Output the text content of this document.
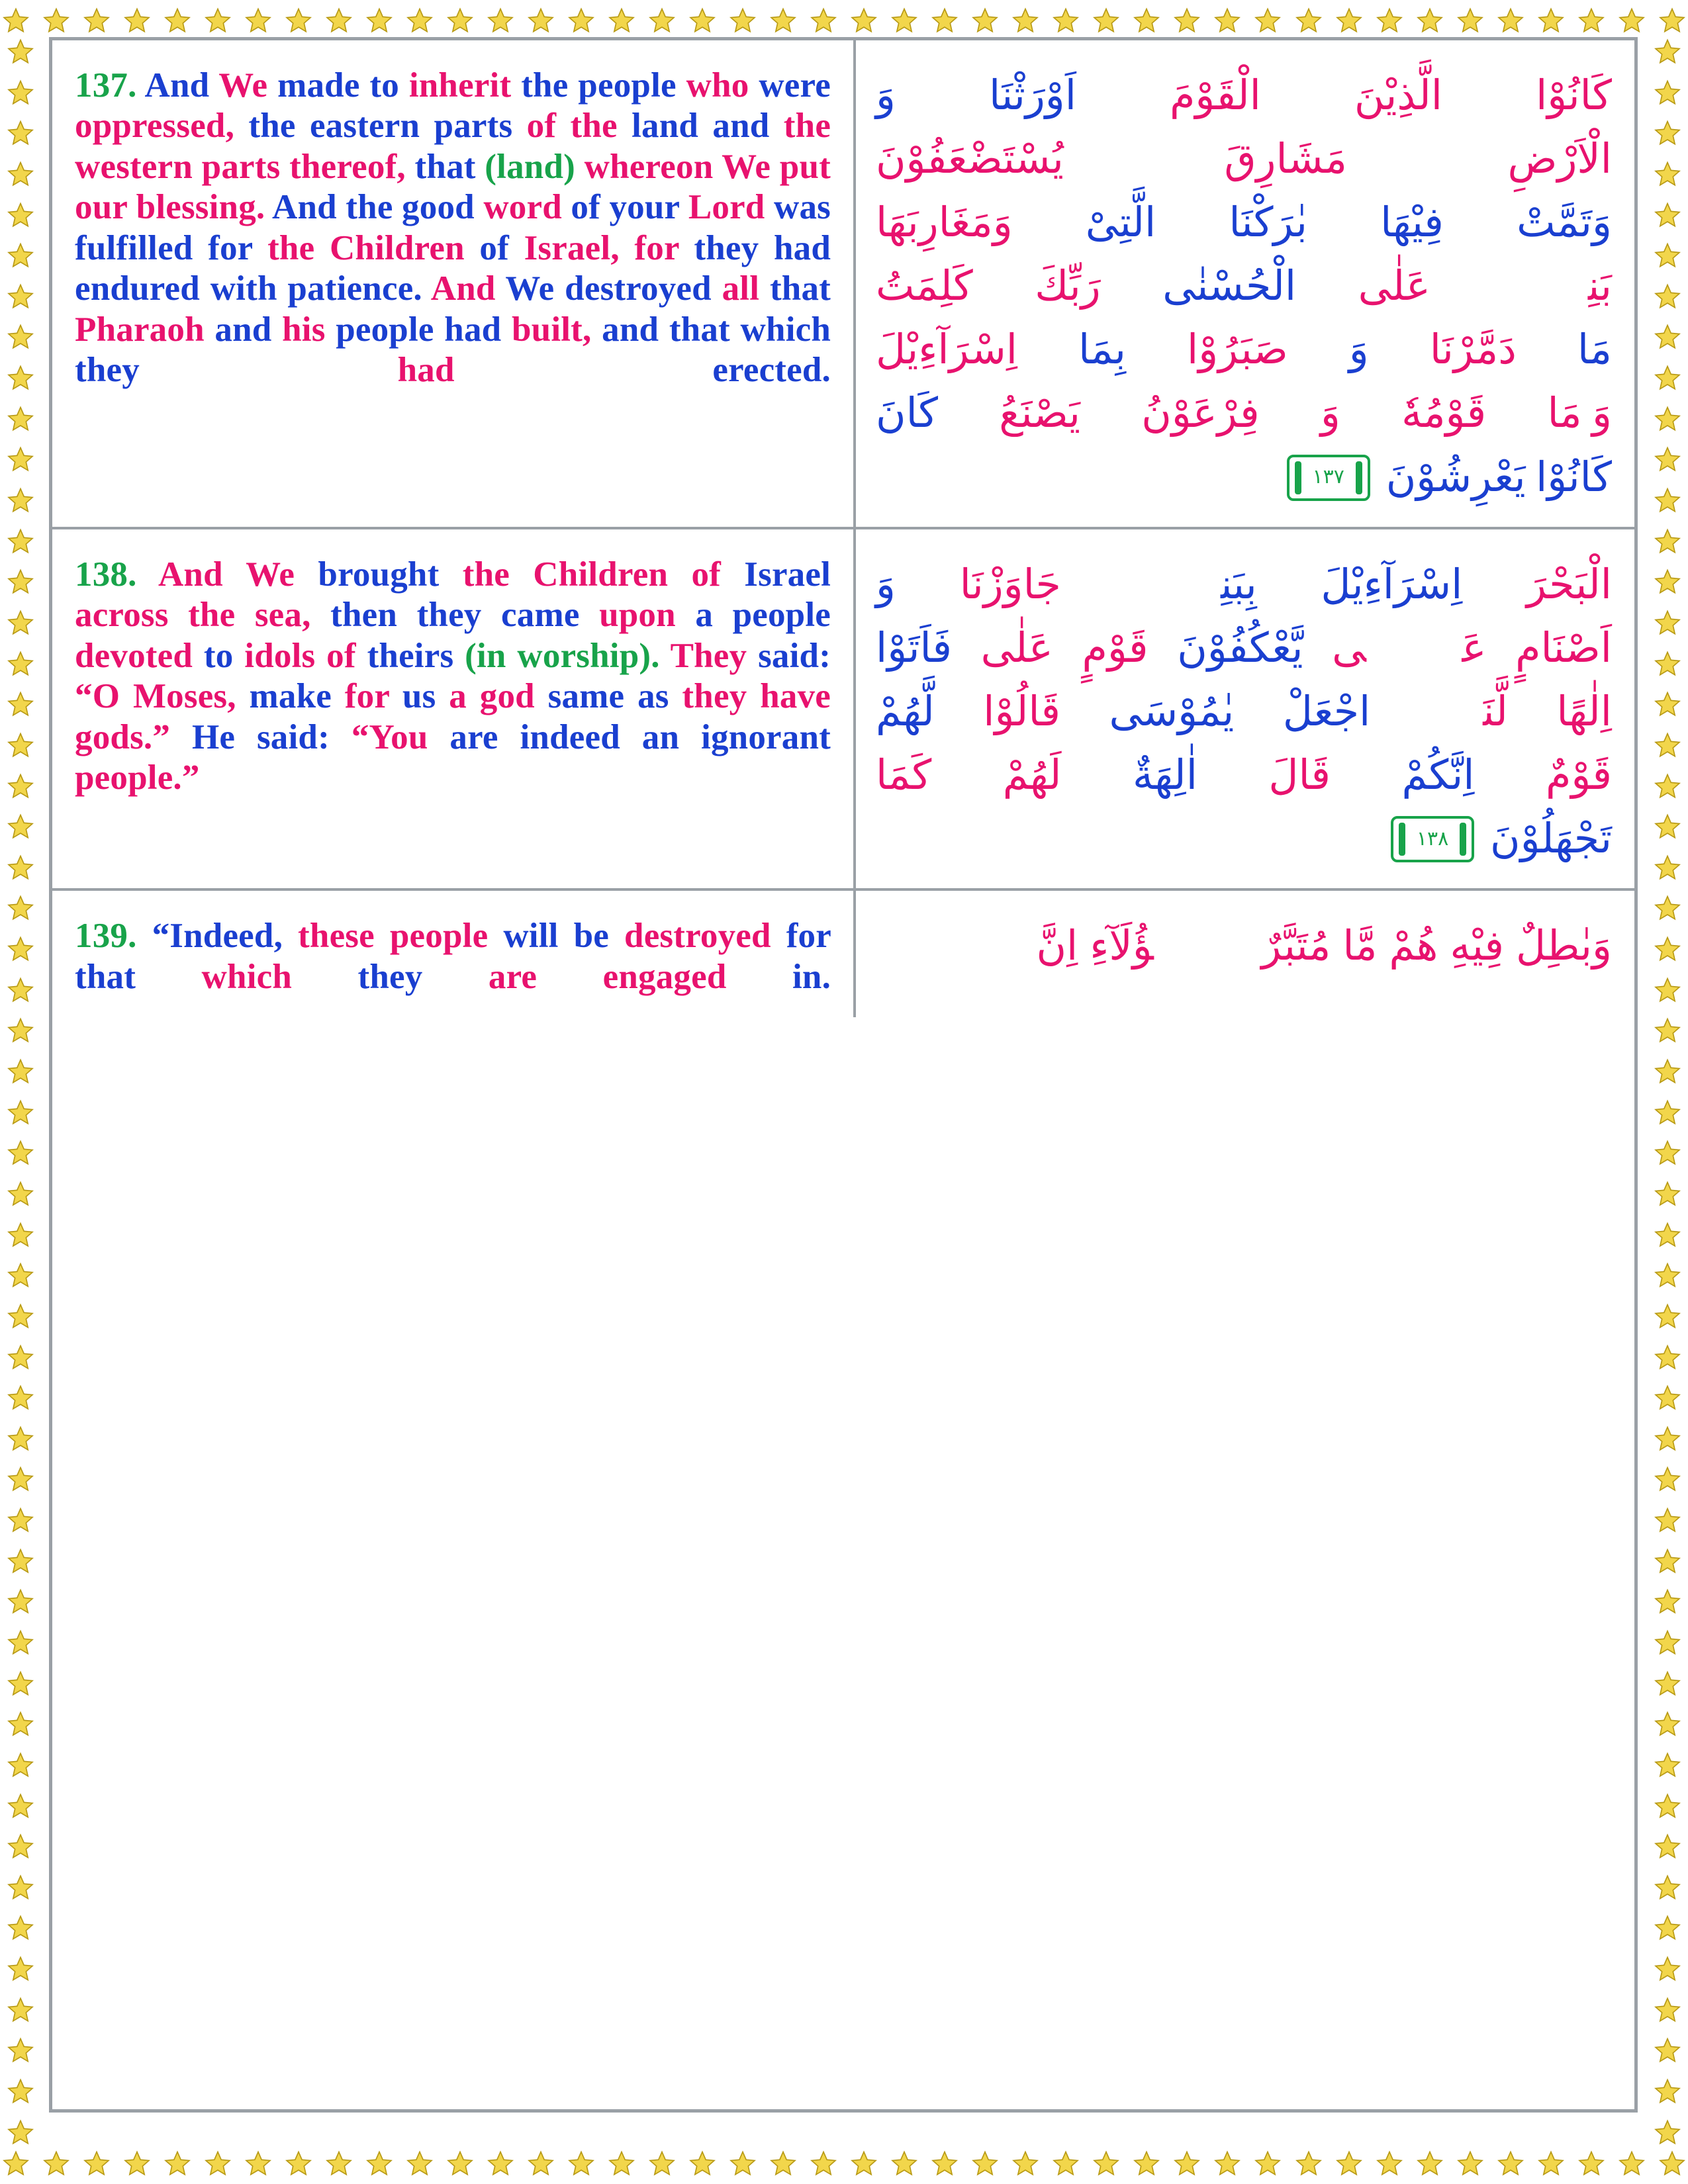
137. And We made to inherit the people who were oppressed, the eastern parts of the land and the western parts thereof, that (land) whereon We put our blessing. And the good word of your Lord was fulfilled for the Children of Israel, for they had endured with patience. And We destroyed all that Pharaoh and his people had built, and that which they	had	erected.
كَانُوْا
الَّذِيْنَ
الْقَوْمَ
اَوْرَثْنَا
وَ
الْاَرْضِ
مَشَارِقَ
يُسْتَضْعَفُوْنَ
وَتَمَّتْ
فِيْهَا
بٰرَكْنَا
الَّتِیْ
وَمَغَارِبَهَا
بَنِیْۤ
عَلٰى
الْحُسْنٰى
رَبِّكَ
كَلِمَتُ
مَا
دَمَّرْنَا
وَ
صَبَرُوْا
بِمَا
اِسْرَآءِيْلَ
وَ مَا
قَوْمُهٗ
وَ
فِرْعَوْنُ
يَصْنَعُ
كَانَ
كَانُوْا يَعْرِشُوْنَ
١٣٧
138. And We brought the Children of Israel across the sea, then they came upon a people devoted to idols of theirs (in worship). They said: “O Moses, make for us a god same as they have gods.” He said: “You are indeed an ignorant people.”
الْبَحْرَ
اِسْرَآءِيْلَ
بِبَنِیْۤ
جَاوَزْنَا
وَ
اَصْنَامٍ
عَلٰۤى
يَّعْكُفُوْنَ
قَوْمٍ
عَلٰى
فَاَتَوْا
اِلٰهًا
لَّنَاۤ
اجْعَلْ
يٰمُوْسَى
قَالُوْا
لَّهُمْ
قَوْمٌ
اِنَّكُمْ
قَالَ
اٰلِهَةٌ
لَهُمْ
كَمَا
تَجْهَلُوْنَ
١٣٨
139. “Indeed, these people will be destroyed for that which they are engaged in.
وَبٰطِلٌ
فِيْهِ
هُمْ
مَّا
مُتَبَّرٌ
هٰۤؤُلَآءِ
اِنَّ
